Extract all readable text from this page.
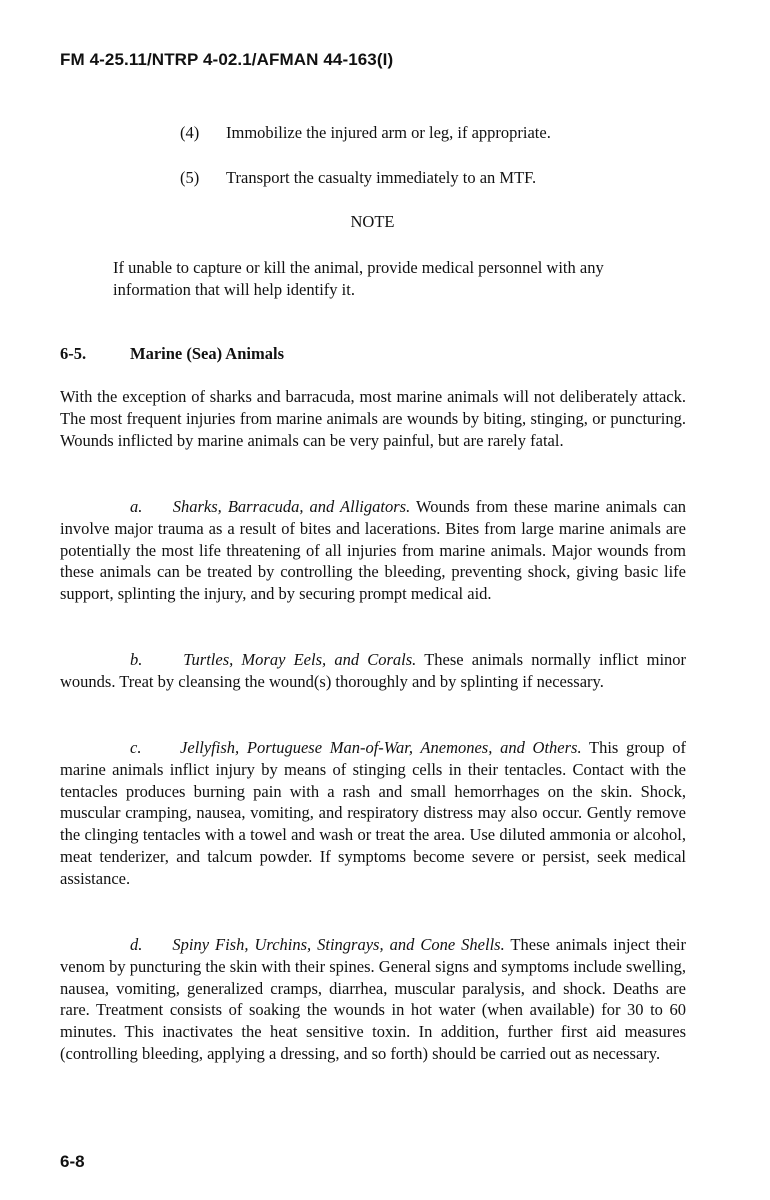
FM 4-25.11/NTRP 4-02.1/AFMAN 44-163(I)
(4) Immobilize the injured arm or leg, if appropriate.
(5) Transport the casualty immediately to an MTF.
NOTE
If unable to capture or kill the animal, provide medical personnel with any information that will help identify it.
6-5.	Marine (Sea) Animals
With the exception of sharks and barracuda, most marine animals will not deliberately attack. The most frequent injuries from marine animals are wounds by biting, stinging, or puncturing. Wounds inflicted by marine animals can be very painful, but are rarely fatal.
a. Sharks, Barracuda, and Alligators. Wounds from these marine animals can involve major trauma as a result of bites and lacerations. Bites from large marine animals are potentially the most life threatening of all injuries from marine animals. Major wounds from these animals can be treated by controlling the bleeding, preventing shock, giving basic life support, splinting the injury, and by securing prompt medical aid.
b. Turtles, Moray Eels, and Corals. These animals normally inflict minor wounds. Treat by cleansing the wound(s) thoroughly and by splinting if necessary.
c. Jellyfish, Portuguese Man-of-War, Anemones, and Others. This group of marine animals inflict injury by means of stinging cells in their tentacles. Contact with the tentacles produces burning pain with a rash and small hemorrhages on the skin. Shock, muscular cramping, nausea, vomiting, and respiratory distress may also occur. Gently remove the clinging tentacles with a towel and wash or treat the area. Use diluted ammonia or alcohol, meat tenderizer, and talcum powder. If symptoms become severe or persist, seek medical assistance.
d. Spiny Fish, Urchins, Stingrays, and Cone Shells. These animals inject their venom by puncturing the skin with their spines. General signs and symptoms include swelling, nausea, vomiting, generalized cramps, diarrhea, muscular paralysis, and shock. Deaths are rare. Treatment consists of soaking the wounds in hot water (when available) for 30 to 60 minutes. This inactivates the heat sensitive toxin. In addition, further first aid measures (controlling bleeding, applying a dressing, and so forth) should be carried out as necessary.
6-8
